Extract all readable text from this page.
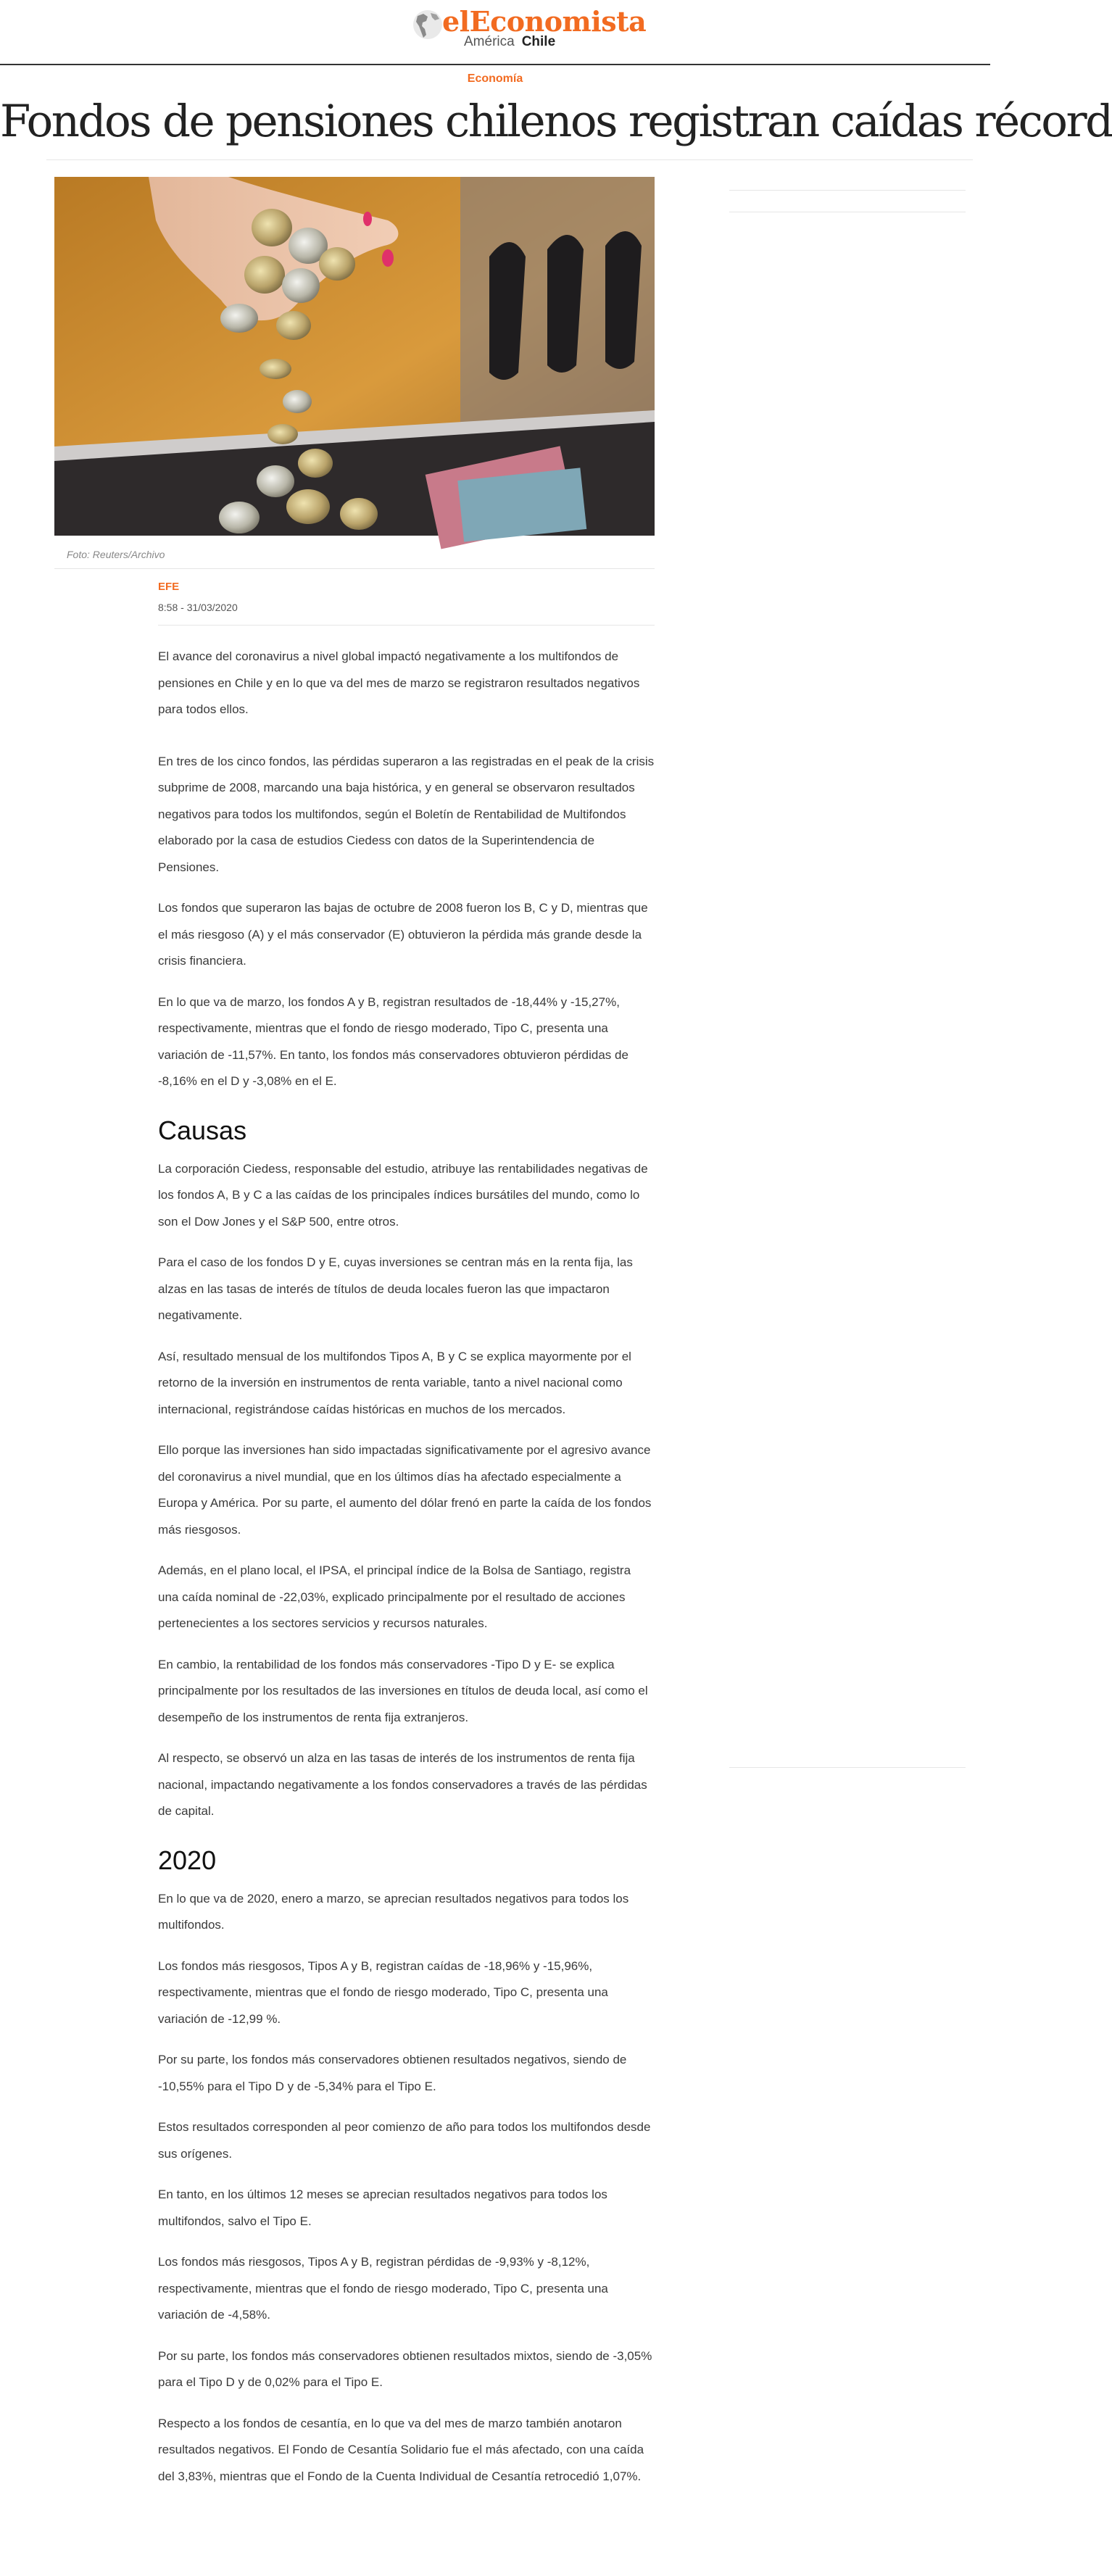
elEconomista
América Chile
Economía
Fondos de pensiones chilenos registran caídas récord
Foto: Reuters/Archivo
EFE
8:58 - 31/03/2020

El avance del coronavirus a nivel global impactó negativamente a los multifondos de pensiones en Chile y en lo que va del mes de marzo se registraron resultados negativos para todos ellos.

En tres de los cinco fondos, las pérdidas superaron a las registradas en el peak de la crisis subprime de 2008, marcando una baja histórica, y en general se observaron resultados negativos para todos los multifondos, según el Boletín de Rentabilidad de Multifondos elaborado por la casa de estudios Ciedess con datos de la Superintendencia de Pensiones.

Los fondos que superaron las bajas de octubre de 2008 fueron los B, C y D, mientras que el más riesgoso (A) y el más conservador (E) obtuvieron la pérdida más grande desde la crisis financiera.

En lo que va de marzo, los fondos A y B, registran resultados de -18,44% y -15,27%, respectivamente, mientras que el fondo de riesgo moderado, Tipo C, presenta una variación de -11,57%. En tanto, los fondos más conservadores obtuvieron pérdidas de -8,16% en el D y -3,08% en el E.

Causas

La corporación Ciedess, responsable del estudio, atribuye las rentabilidades negativas de los fondos A, B y C a las caídas de los principales índices bursátiles del mundo, como lo son el Dow Jones y el S&P 500, entre otros.

Para el caso de los fondos D y E, cuyas inversiones se centran más en la renta fija, las alzas en las tasas de interés de títulos de deuda locales fueron las que impactaron negativamente.

Así, resultado mensual de los multifondos Tipos A, B y C se explica mayormente por el retorno de la inversión en instrumentos de renta variable, tanto a nivel nacional como internacional, registrándose caídas históricas en muchos de los mercados.

Ello porque las inversiones han sido impactadas significativamente por el agresivo avance del coronavirus a nivel mundial, que en los últimos días ha afectado especialmente a Europa y América. Por su parte, el aumento del dólar frenó en parte la caída de los fondos más riesgosos.

Además, en el plano local, el IPSA, el principal índice de la Bolsa de Santiago, registra una caída nominal de -22,03%, explicado principalmente por el resultado de acciones pertenecientes a los sectores servicios y recursos naturales.

En cambio, la rentabilidad de los fondos más conservadores -Tipo D y E- se explica principalmente por los resultados de las inversiones en títulos de deuda local, así como el desempeño de los instrumentos de renta fija extranjeros.

Al respecto, se observó un alza en las tasas de interés de los instrumentos de renta fija nacional, impactando negativamente a los fondos conservadores a través de las pérdidas de capital.

2020

En lo que va de 2020, enero a marzo, se aprecian resultados negativos para todos los multifondos.

Los fondos más riesgosos, Tipos A y B, registran caídas de -18,96% y -15,96%, respectivamente, mientras que el fondo de riesgo moderado, Tipo C, presenta una variación de -12,99 %.

Por su parte, los fondos más conservadores obtienen resultados negativos, siendo de -10,55% para el Tipo D y de -5,34% para el Tipo E.

Estos resultados corresponden al peor comienzo de año para todos los multifondos desde sus orígenes.

En tanto, en los últimos 12 meses se aprecian resultados negativos para todos los multifondos, salvo el Tipo E.

Los fondos más riesgosos, Tipos A y B, registran pérdidas de -9,93% y -8,12%, respectivamente, mientras que el fondo de riesgo moderado, Tipo C, presenta una variación de -4,58%.

Por su parte, los fondos más conservadores obtienen resultados mixtos, siendo de -3,05% para el Tipo D y de 0,02% para el Tipo E.

Respecto a los fondos de cesantía, en lo que va del mes de marzo también anotaron resultados negativos. El Fondo de Cesantía Solidario fue el más afectado, con una caída del 3,83%, mientras que el Fondo de la Cuenta Individual de Cesantía retrocedió 1,07%.
